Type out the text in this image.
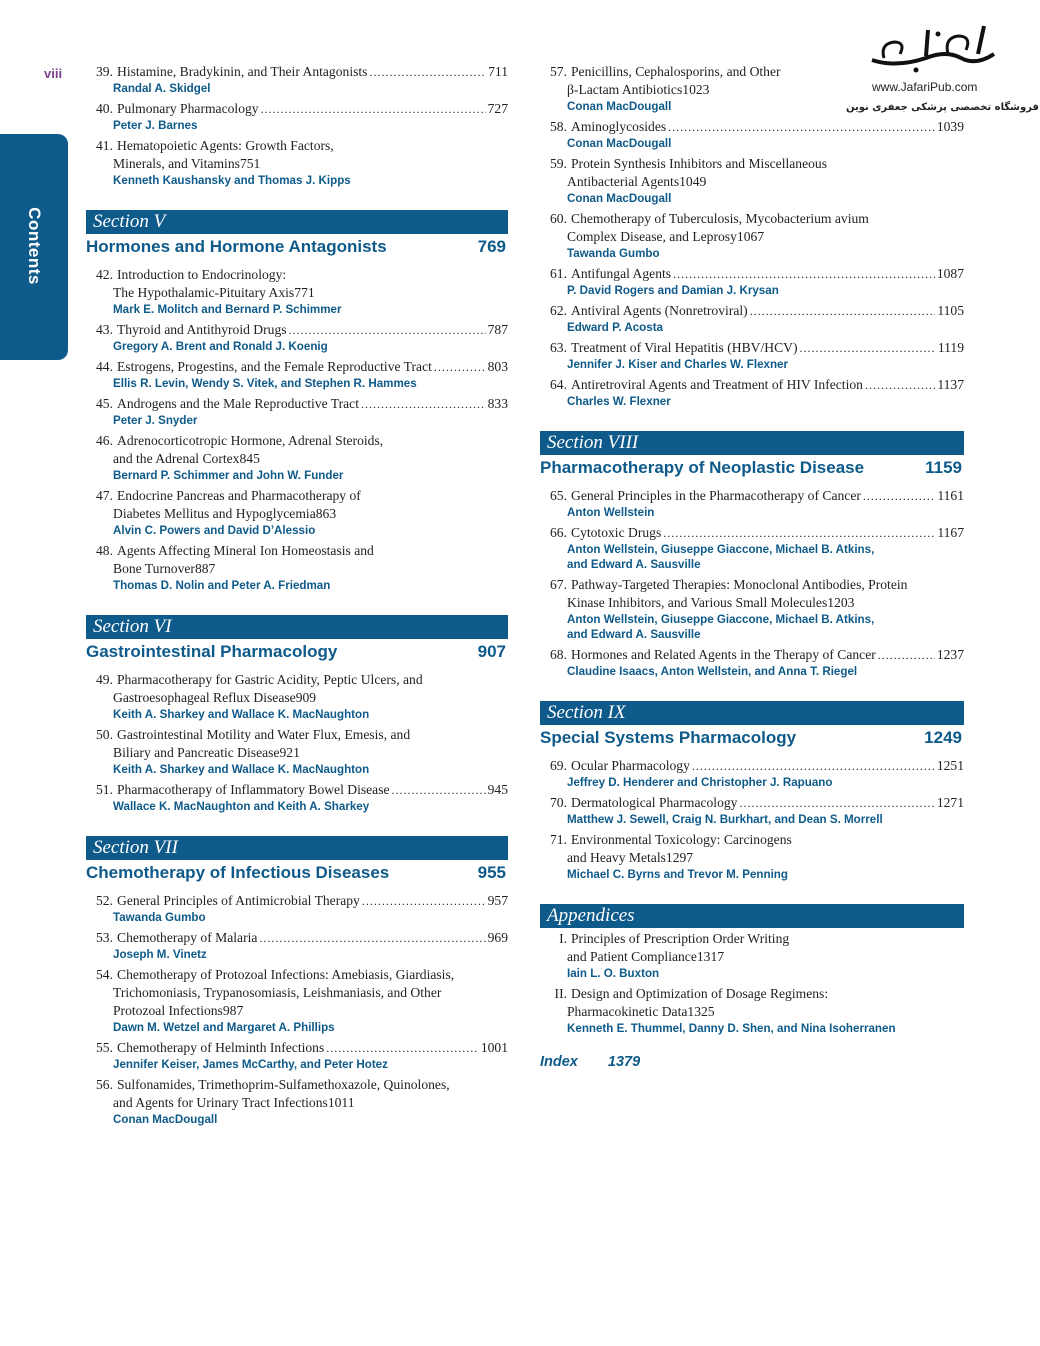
viii
Contents
www.JafariPub.com
فروشگاه تخصصی پزشکی جعفری نوین
39. Histamine, Bradykinin, and Their Antagonists .....	711
Randal A. Skidgel
40. Pulmonary Pharmacology .....	727
Peter J. Barnes
41. Hematopoietic Agents: Growth Factors,
Minerals, and Vitamins 751
Kenneth Kaushansky and Thomas J. Kipps
Section V
Hormones and Hormone Antagonists	769
42. Introduction to Endocrinology:
The Hypothalamic-Pituitary Axis 771
Mark E. Molitch and Bernard P. Schimmer
43. Thyroid and Antithyroid Drugs .....	787
Gregory A. Brent and Ronald J. Koenig
44. Estrogens, Progestins, and the Female Reproductive Tract .....	803
Ellis R. Levin, Wendy S. Vitek, and Stephen R. Hammes
45. Androgens and the Male Reproductive Tract .....	833
Peter J. Snyder
46. Adrenocorticotropic Hormone, Adrenal Steroids,
and the Adrenal Cortex 845
Bernard P. Schimmer and John W. Funder
47. Endocrine Pancreas and Pharmacotherapy of
Diabetes Mellitus and Hypoglycemia 863
Alvin C. Powers and David D’Alessio
48. Agents Affecting Mineral Ion Homeostasis and
Bone Turnover 887
Thomas D. Nolin and Peter A. Friedman
Section VI
Gastrointestinal Pharmacology	907
49. Pharmacotherapy for Gastric Acidity, Peptic Ulcers, and
Gastroesophageal Reflux Disease 909
Keith A. Sharkey and Wallace K. MacNaughton
50. Gastrointestinal Motility and Water Flux, Emesis, and
Biliary and Pancreatic Disease 921
Keith A. Sharkey and Wallace K. MacNaughton
51. Pharmacotherapy of Inflammatory Bowel Disease .....	945
Wallace K. MacNaughton and Keith A. Sharkey
Section VII
Chemotherapy of Infectious Diseases	955
52. General Principles of Antimicrobial Therapy .....	957
Tawanda Gumbo
53. Chemotherapy of Malaria .....	969
Joseph M. Vinetz
54. Chemotherapy of Protozoal Infections: Amebiasis, Giardiasis,
Trichomoniasis, Trypanosomiasis, Leishmaniasis, and Other
Protozoal Infections 987
Dawn M. Wetzel and Margaret A. Phillips
55. Chemotherapy of Helminth Infections .....	1001
Jennifer Keiser, James McCarthy, and Peter Hotez
56. Sulfonamides, Trimethoprim-Sulfamethoxazole, Quinolones,
and Agents for Urinary Tract Infections 1011
Conan MacDougall
57. Penicillins, Cephalosporins, and Other
β-Lactam Antibiotics 1023
Conan MacDougall
58. Aminoglycosides .....	1039
Conan MacDougall
59. Protein Synthesis Inhibitors and Miscellaneous
Antibacterial Agents 1049
Conan MacDougall
60. Chemotherapy of Tuberculosis, Mycobacterium avium
Complex Disease, and Leprosy 1067
Tawanda Gumbo
61. Antifungal Agents .....	1087
P. David Rogers and Damian J. Krysan
62. Antiviral Agents (Nonretroviral) .....	1105
Edward P. Acosta
63. Treatment of Viral Hepatitis (HBV/HCV) .....	1119
Jennifer J. Kiser and Charles W. Flexner
64. Antiretroviral Agents and Treatment of HIV Infection .....	1137
Charles W. Flexner
Section VIII
Pharmacotherapy of Neoplastic Disease	1159
65. General Principles in the Pharmacotherapy of Cancer .....	1161
Anton Wellstein
66. Cytotoxic Drugs .....	1167
Anton Wellstein, Giuseppe Giaccone, Michael B. Atkins,
and Edward A. Sausville
67. Pathway-Targeted Therapies: Monoclonal Antibodies, Protein
Kinase Inhibitors, and Various Small Molecules 1203
Anton Wellstein, Giuseppe Giaccone, Michael B. Atkins,
and Edward A. Sausville
68. Hormones and Related Agents in the Therapy of Cancer .....	1237
Claudine Isaacs, Anton Wellstein, and Anna T. Riegel
Section IX
Special Systems Pharmacology	1249
69. Ocular Pharmacology .....	1251
Jeffrey D. Henderer and Christopher J. Rapuano
70. Dermatological Pharmacology .....	1271
Matthew J. Sewell, Craig N. Burkhart, and Dean S. Morrell
71. Environmental Toxicology: Carcinogens
and Heavy Metals 1297
Michael C. Byrns and Trevor M. Penning
Appendices
I. Principles of Prescription Order Writing
and Patient Compliance 1317
Iain L. O. Buxton
II. Design and Optimization of Dosage Regimens:
Pharmacokinetic Data 1325
Kenneth E. Thummel, Danny D. Shen, and Nina Isoherranen
Index 1379
